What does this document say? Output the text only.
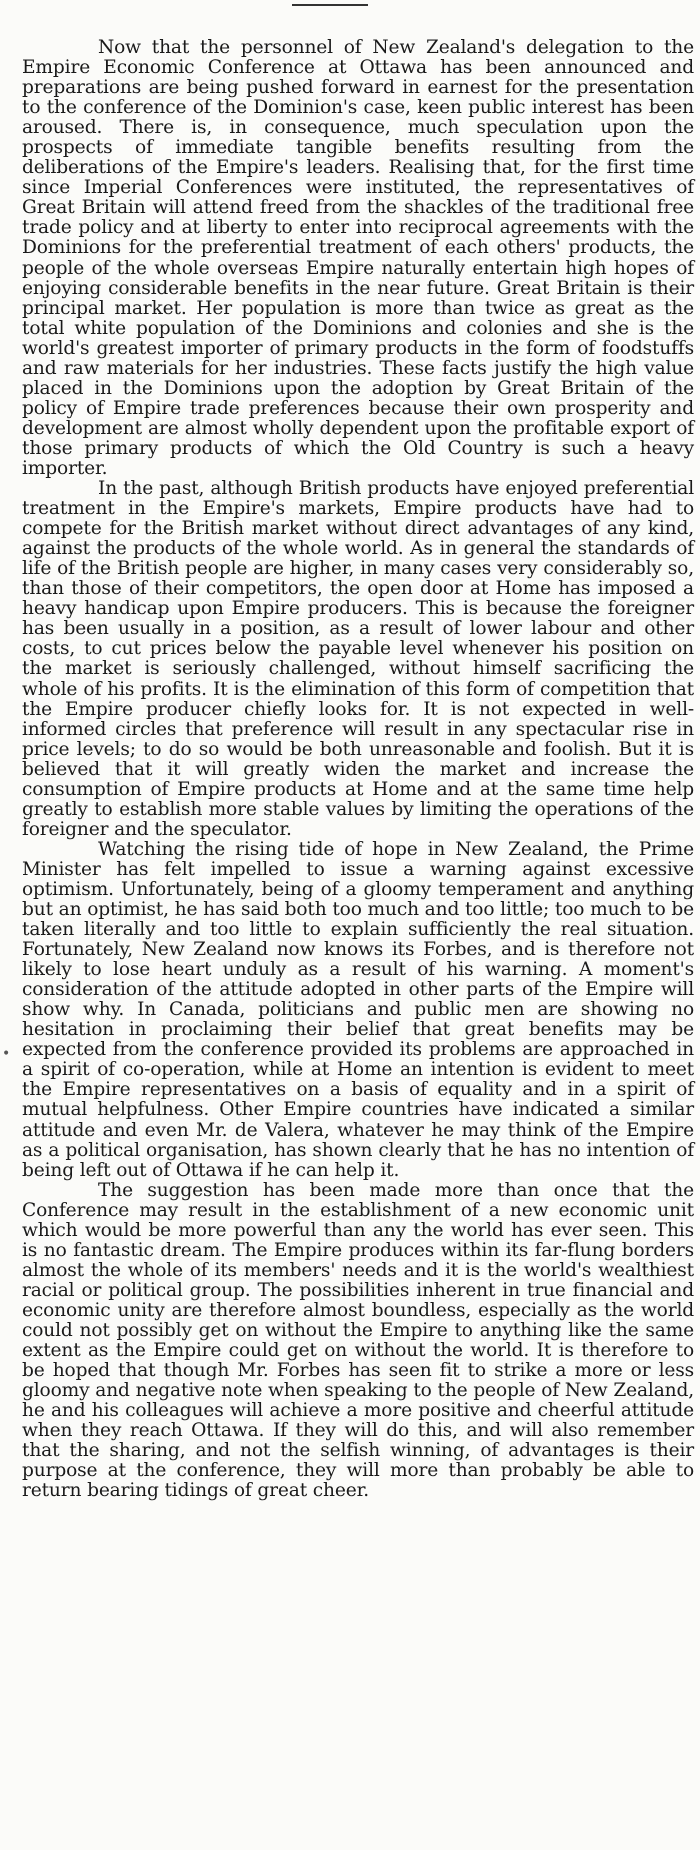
•

Now that the personnel of New Zealand's delegation to the Empire Economic Conference at Ottawa has been announced and preparations are being pushed forward in earnest for the presentation to the conference of the Dominion's case, keen public interest has been aroused. There is, in consequence, much speculation upon the prospects of immediate tangible benefits resulting from the deliberations of the Empire's leaders. Realising that, for the first time since Imperial Conferences were instituted, the representatives of Great Britain will attend freed from the shackles of the traditional free trade policy and at liberty to enter into reciprocal agreements with the Dominions for the preferential treatment of each others' products, the people of the whole overseas Empire naturally entertain high hopes of enjoying considerable benefits in the near future. Great Britain is their principal market. Her population is more than twice as great as the total white population of the Dominions and colonies and she is the world's greatest importer of primary products in the form of foodstuffs and raw materials for her industries. These facts justify the high value placed in the Dominions upon the adoption by Great Britain of the policy of Empire trade preferences because their own prosperity and development are almost wholly dependent upon the profitable export of those primary products of which the Old Country is such a heavy importer.

In the past, although British products have enjoyed preferential treatment in the Empire's markets, Empire products have had to compete for the British market without direct advantages of any kind, against the products of the whole world. As in general the standards of life of the British people are higher, in many cases very considerably so, than those of their competitors, the open door at Home has imposed a heavy handicap upon Empire producers. This is because the foreigner has been usually in a position, as a result of lower labour and other costs, to cut prices below the payable level whenever his position on the market is seriously challenged, without himself sacrificing the whole of his profits. It is the elimination of this form of competition that the Empire producer chiefly looks for. It is not expected in well-informed circles that preference will result in any spectacular rise in price levels; to do so would be both unreasonable and foolish. But it is believed that it will greatly widen the market and increase the consumption of Empire products at Home and at the same time help greatly to establish more stable values by limiting the operations of the foreigner and the speculator.

Watching the rising tide of hope in New Zealand, the Prime Minister has felt impelled to issue a warning against excessive optimism. Unfortunately, being of a gloomy temperament and anything but an optimist, he has said both too much and too little; too much to be taken literally and too little to explain sufficiently the real situation. Fortunately, New Zealand now knows its Forbes, and is therefore not likely to lose heart unduly as a result of his warning. A moment's consideration of the attitude adopted in other parts of the Empire will show why. In Canada, politicians and public men are showing no hesitation in proclaiming their belief that great benefits may be expected from the conference provided its problems are approached in a spirit of co-operation, while at Home an intention is evident to meet the Empire representatives on a basis of equality and in a spirit of mutual helpfulness. Other Empire countries have indicated a similar attitude and even Mr. de Valera, whatever he may think of the Empire as a political organisation, has shown clearly that he has no intention of being left out of Ottawa if he can help it.

The suggestion has been made more than once that the Conference may result in the establishment of a new economic unit which would be more powerful than any the world has ever seen. This is no fantastic dream. The Empire produces within its far-flung borders almost the whole of its members' needs and it is the world's wealthiest racial or political group. The possibilities inherent in true financial and economic unity are therefore almost boundless, especially as the world could not possibly get on without the Empire to anything like the same extent as the Empire could get on without the world. It is therefore to be hoped that though Mr. Forbes has seen fit to strike a more or less gloomy and negative note when speaking to the people of New Zealand, he and his colleagues will achieve a more positive and cheerful attitude when they reach Ottawa. If they will do this, and will also remember that the sharing, and not the selfish winning, of advantages is their purpose at the conference, they will more than probably be able to return bearing tidings of great cheer.
